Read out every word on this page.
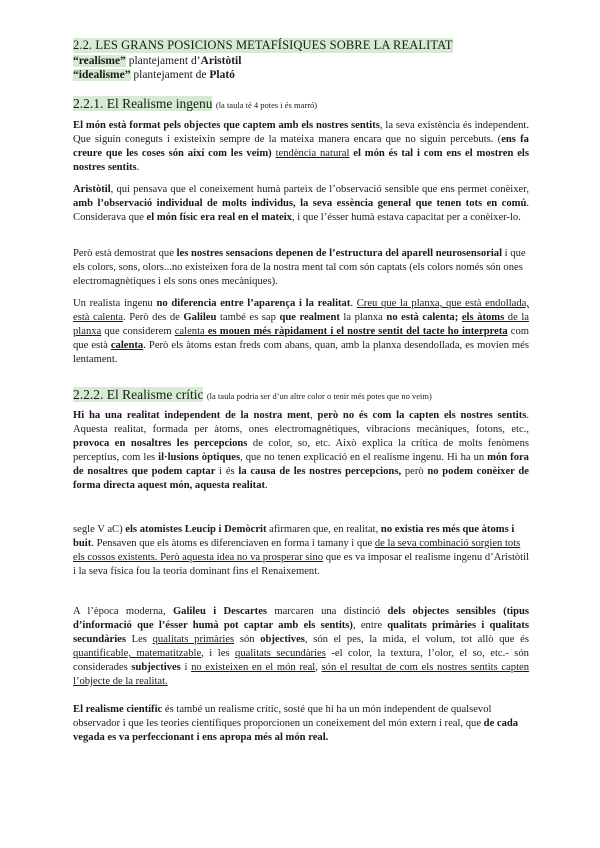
2.2. LES GRANS POSICIONS METAFÍSIQUES SOBRE LA REALITAT
“realisme” plantejament d’Aristòtil
“idealisme” plantejament de Plató
2.2.1. El Realisme ingenu (la taula té 4 potes i és marró)

El món està format pels objectes que captem amb els nostres sentits, la seva existència és independent. Que siguin coneguts i existeixin sempre de la mateixa manera encara que no siguin percebuts. (ens fa creure que les coses són així com les veim) tendència natural el món és tal i com ens el mostren els nostres sentits.

Aristòtil, qui pensava que el coneixement humà parteix de l’observació sensible que ens permet conèixer, amb l’observació individual de molts individus, la seva essència general que tenen tots en comú. Considerava que el món físic era real en el mateix, i que l’ésser humà estava capacitat per a conèixer-lo.

Però està demostrat que les nostres sensacions depenen de l’estructura del aparell neurosensorial i que els colors, sons, olors...no existeixen fora de la nostra ment tal com són captats (els colors només són ones electromagnètiques i els sons ones mecàniques).

Un realista ingenu no diferencia entre l’aparença i la realitat. Creu que la planxa, que està endollada, està calenta. Però des de Galileu també es sap que realment la planxa no està calenta; els àtoms de la planxa que considerem calenta es mouen més ràpidament i el nostre sentit del tacte ho interpreta com que està calenta. Però els àtoms estan freds com abans, quan, amb la planxa desendollada, es movien més lentament.

2.2.2. El Realisme crític (la taula podria ser d’un altre color o tenir més potes que no veim)

Hi ha una realitat independent de la nostra ment, però no és com la capten els nostres sentits. Aquesta realitat, formada per àtoms, ones electromagnètiques, vibracions mecàniques, fotons, etc., provoca en nosaltres les percepcions de color, so, etc. Això explica la crítica de molts fenòmens perceptius, com les il·lusions òptiques, que no tenen explicació en el realisme ingenu. Hi ha un món fora de nosaltres que podem captar i és la causa de les nostres percepcions, però no podem conèixer de forma directa aquest món, aquesta realitat.

segle V aC) els atomistes Leucip i Demòcrit afirmaren que, en realitat, no existia res més que àtoms i buit. Pensaven que els àtoms es diferenciaven en forma i tamany i que de la seva combinació sorgien tots els cossos existents. Però aquesta idea no va prosperar sino que es va imposar el realisme ingenu d’Aristòtil i la seva física fou la teoria dominant fins el Renaixement.

A l’època moderna, Galileu i Descartes marcaren una distinció dels objectes sensibles (tipus d’informació que l’ésser humà pot captar amb els sentits), entre qualitats primàries i qualitats secundàries Les qualitats primàries són objectives, són el pes, la mida, el volum, tot allò que és quantificable, matematitzable, i les qualitats secundàries -el color, la textura, l’olor, el so, etc.- són considerades subjectives i no existeixen en el món real, són el resultat de com els nostres sentits capten l’objecte de la realitat.

El realisme científic és també un realisme crític, sosté que hi ha un món independent de qualsevol observador i que les teories científiques proporcionen un coneixement del món extern i real, que de cada vegada es va perfeccionant i ens apropa més al món real.
